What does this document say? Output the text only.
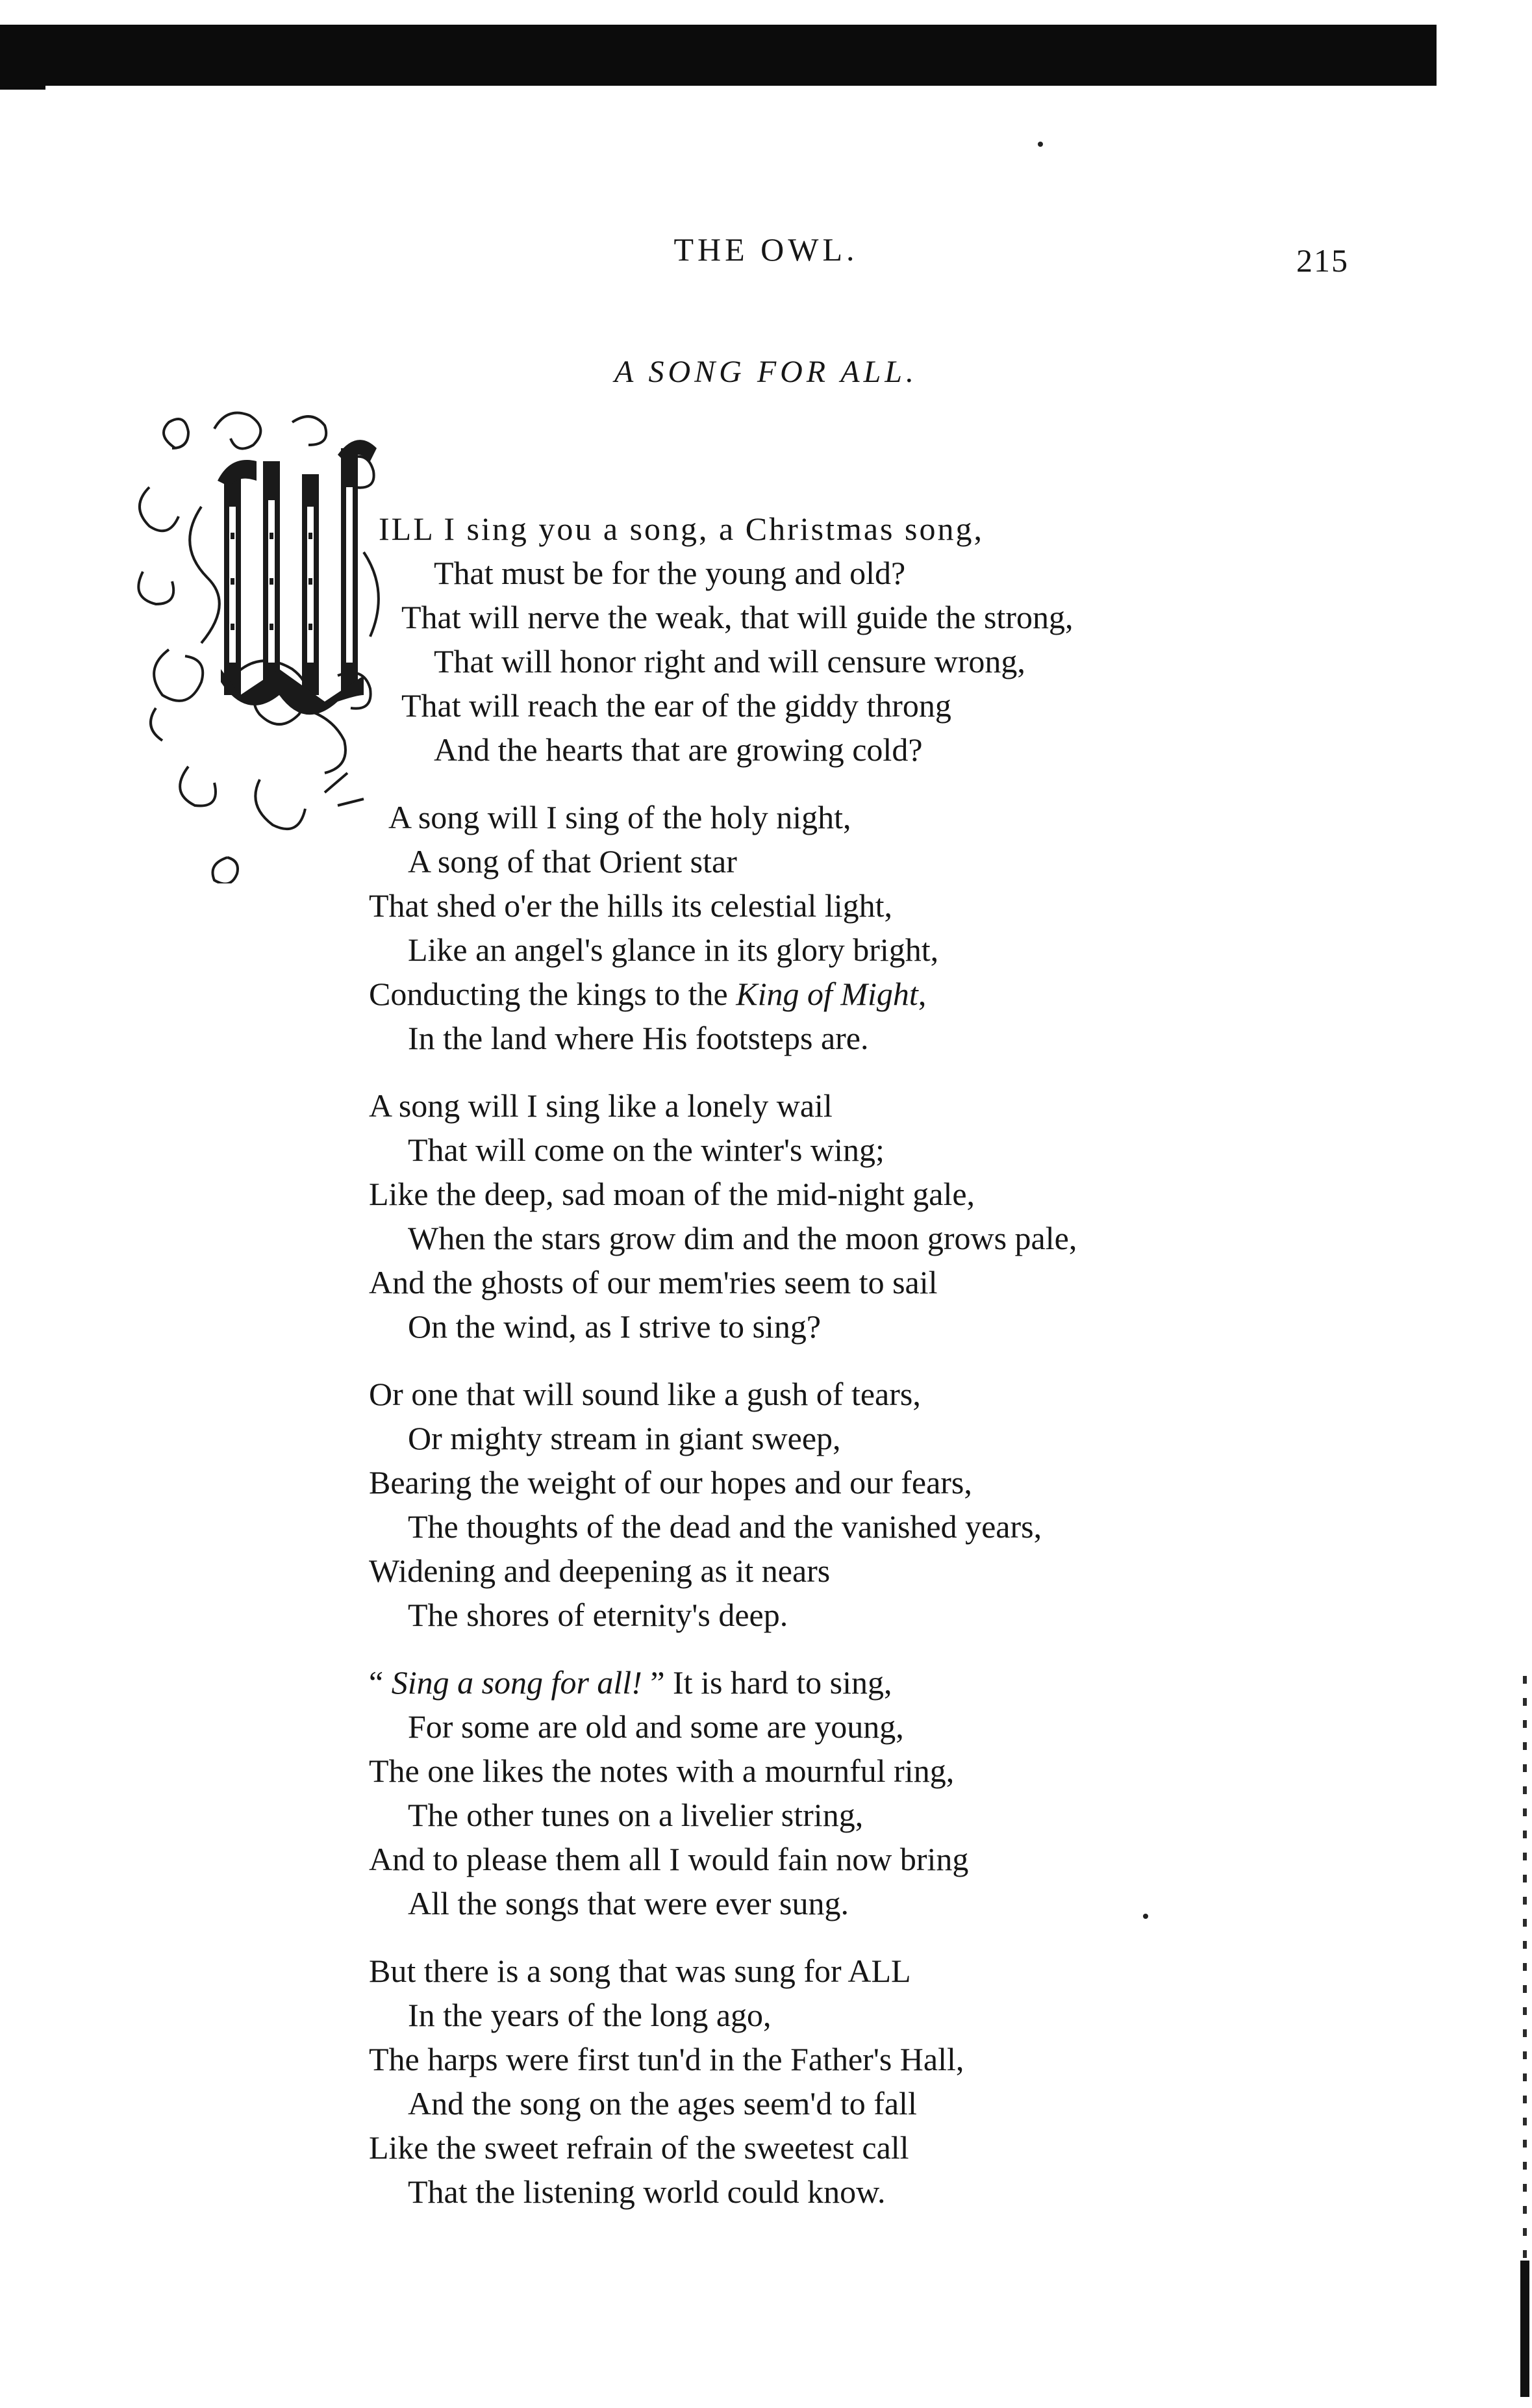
THE OWL.	215
A SONG FOR ALL.
ILL I sing you a song, a Christmas song,
That must be for the young and old?
That will nerve the weak, that will guide the strong,
That will honor right and will censure wrong,
That will reach the ear of the giddy throng
And the hearts that are growing cold?
A song will I sing of the holy night,
A song of that Orient star
That shed o'er the hills its celestial light,
Like an angel's glance in its glory bright,
Conducting the kings to the King of Might,
In the land where His footsteps are.
A song will I sing like a lonely wail
That will come on the winter's wing;
Like the deep, sad moan of the mid-night gale,
When the stars grow dim and the moon grows pale,
And the ghosts of our mem'ries seem to sail
On the wind, as I strive to sing?
Or one that will sound like a gush of tears,
Or mighty stream in giant sweep,
Bearing the weight of our hopes and our fears,
The thoughts of the dead and the vanished years,
Widening and deepening as it nears
The shores of eternity's deep.
“ Sing a song for all! ” It is hard to sing,
For some are old and some are young,
The one likes the notes with a mournful ring,
The other tunes on a livelier string,
And to please them all I would fain now bring
All the songs that were ever sung.
But there is a song that was sung for ALL
In the years of the long ago,
The harps were first tun'd in the Father's Hall,
And the song on the ages seem'd to fall
Like the sweet refrain of the sweetest call
That the listening world could know.
